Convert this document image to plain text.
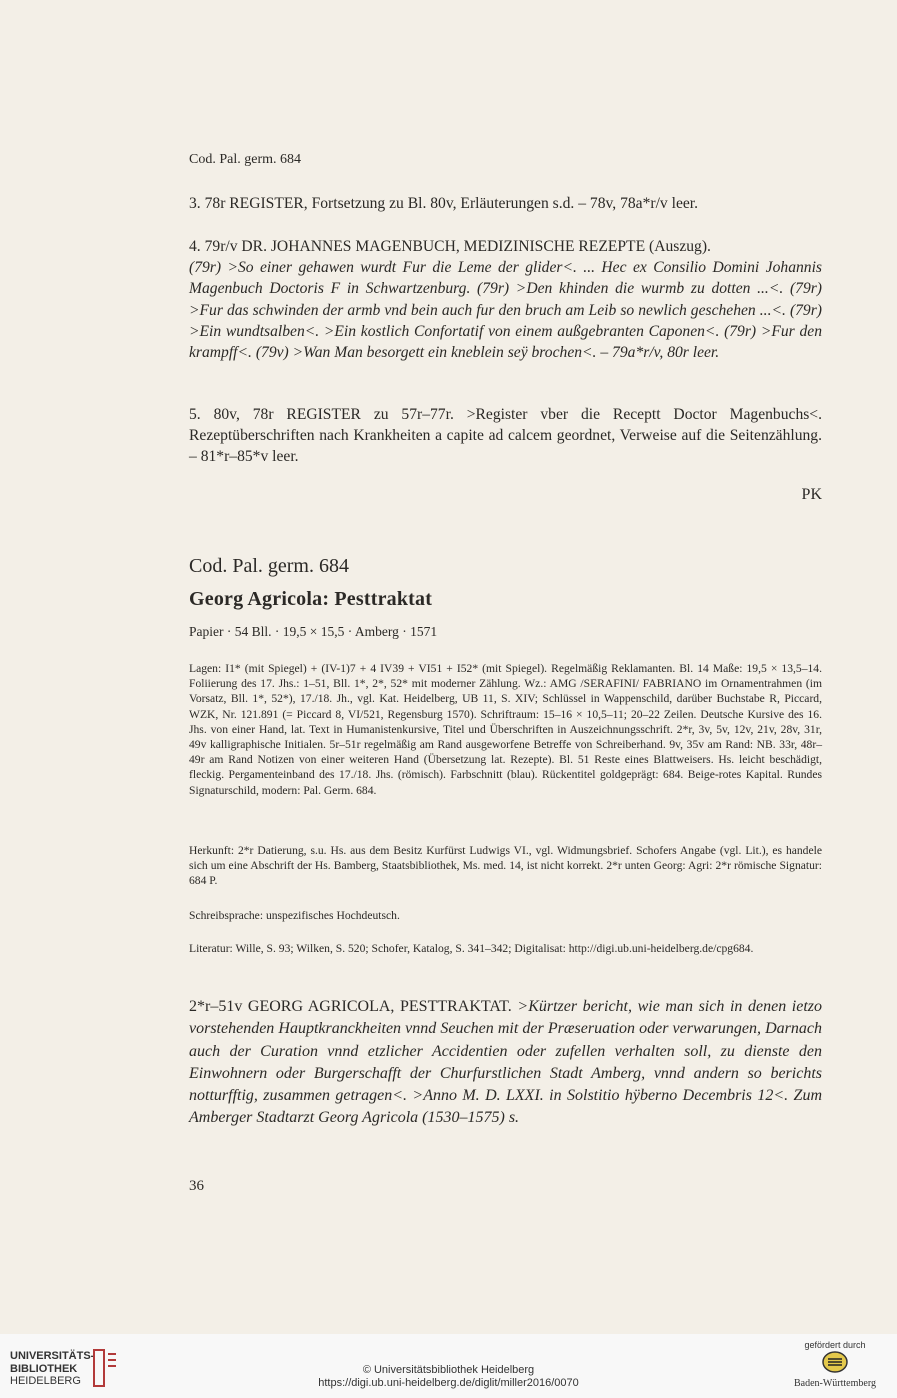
Cod. Pal. germ. 684
3. 78r REGISTER, Fortsetzung zu Bl. 80v, Erläuterungen s.d. – 78v, 78a*r/v leer.
4. 79r/v DR. JOHANNES MAGENBUCH, MEDIZINISCHE REZEPTE (Auszug).
(79r) >So einer gehawen wurdt Fur die Leme der glider<. ... Hec ex Consilio Domini Johannis Magenbuch Doctoris F in Schwartzenburg. (79r) >Den khinden die wurmb zu dotten ...<. (79r) >Fur das schwinden der armb vnd bein auch fur den bruch am Leib so newlich geschehen ...<. (79r) >Ein wundtsalben<. >Ein kostlich Confortatif von einem außgebranten Caponen<. (79r) >Fur den krampff<. (79v) >Wan Man besorgett ein kneblein seÿ brochen<. – 79a*r/v, 80r leer.
5. 80v, 78r REGISTER zu 57r–77r. >Register vber die Receptt Doctor Magenbuchs<. Rezeptüberschriften nach Krankheiten a capite ad calcem geordnet, Verweise auf die Seitenzählung. – 81*r–85*v leer.
PK
Cod. Pal. germ. 684
Georg Agricola: Pesttraktat
Papier · 54 Bll. · 19,5 × 15,5 · Amberg · 1571
Lagen: I1* (mit Spiegel) + (IV-1)7 + 4 IV39 + VI51 + I52* (mit Spiegel). Regelmäßig Reklamanten. Bl. 14 Maße: 19,5 × 13,5–14. Foliierung des 17. Jhs.: 1–51, Bll. 1*, 2*, 52* mit moderner Zählung. Wz.: AMG /SERAFINI/ FABRIANO im Ornamentrahmen (im Vorsatz, Bll. 1*, 52*), 17./18. Jh., vgl. Kat. Heidelberg, UB 11, S. XIV; Schlüssel in Wappenschild, darüber Buchstabe R, Piccard, WZK, Nr. 121.891 (= Piccard 8, VI/521, Regensburg 1570). Schriftraum: 15–16 × 10,5–11; 20–22 Zeilen. Deutsche Kursive des 16. Jhs. von einer Hand, lat. Text in Humanistenkursive, Titel und Überschriften in Auszeichnungsschrift. 2*r, 3v, 5v, 12v, 21v, 28v, 31r, 49v kalligraphische Initialen. 5r–51r regelmäßig am Rand ausgeworfene Betreffe von Schreiberhand. 9v, 35v am Rand: NB. 33r, 48r–49r am Rand Notizen von einer weiteren Hand (Übersetzung lat. Rezepte). Bl. 51 Reste eines Blattweisers. Hs. leicht beschädigt, fleckig. Pergamenteinband des 17./18. Jhs. (römisch). Farbschnitt (blau). Rückentitel goldgeprägt: 684. Beige-rotes Kapital. Rundes Signaturschild, modern: Pal. Germ. 684.
Herkunft: 2*r Datierung, s.u. Hs. aus dem Besitz Kurfürst Ludwigs VI., vgl. Widmungsbrief. Schofers Angabe (vgl. Lit.), es handele sich um eine Abschrift der Hs. Bamberg, Staatsbibliothek, Ms. med. 14, ist nicht korrekt. 2*r unten Georg: Agri: 2*r römische Signatur: 684 P.
Schreibsprache: unspezifisches Hochdeutsch.
Literatur: Wille, S. 93; Wilken, S. 520; Schofer, Katalog, S. 341–342; Digitalisat: http://digi.ub.uni-heidelberg.de/cpg684.
2*r–51v GEORG AGRICOLA, PESTTRAKTAT. >Kürtzer bericht, wie man sich in denen ietzo vorstehenden Hauptkranckheiten vnnd Seuchen mit der Præseruation oder verwarungen, Darnach auch der Curation vnnd etzlicher Accidentien oder zufellen verhalten soll, zu dienste den Einwohnern oder Burgerschafft der Churfurstlichen Stadt Amberg, vnnd andern so berichts notturfftig, zusammen getragen<. >Anno M. D. LXXI. in Solstitio hÿberno Decembris 12<. Zum Amberger Stadtarzt Georg Agricola (1530–1575) s.
36
UNIVERSITÄTS-
BIBLIOTHEK
HEIDELBERG
© Universitätsbibliothek Heidelberg
https://digi.ub.uni-heidelberg.de/diglit/miller2016/0070
gefördert durch
Baden-Württemberg
